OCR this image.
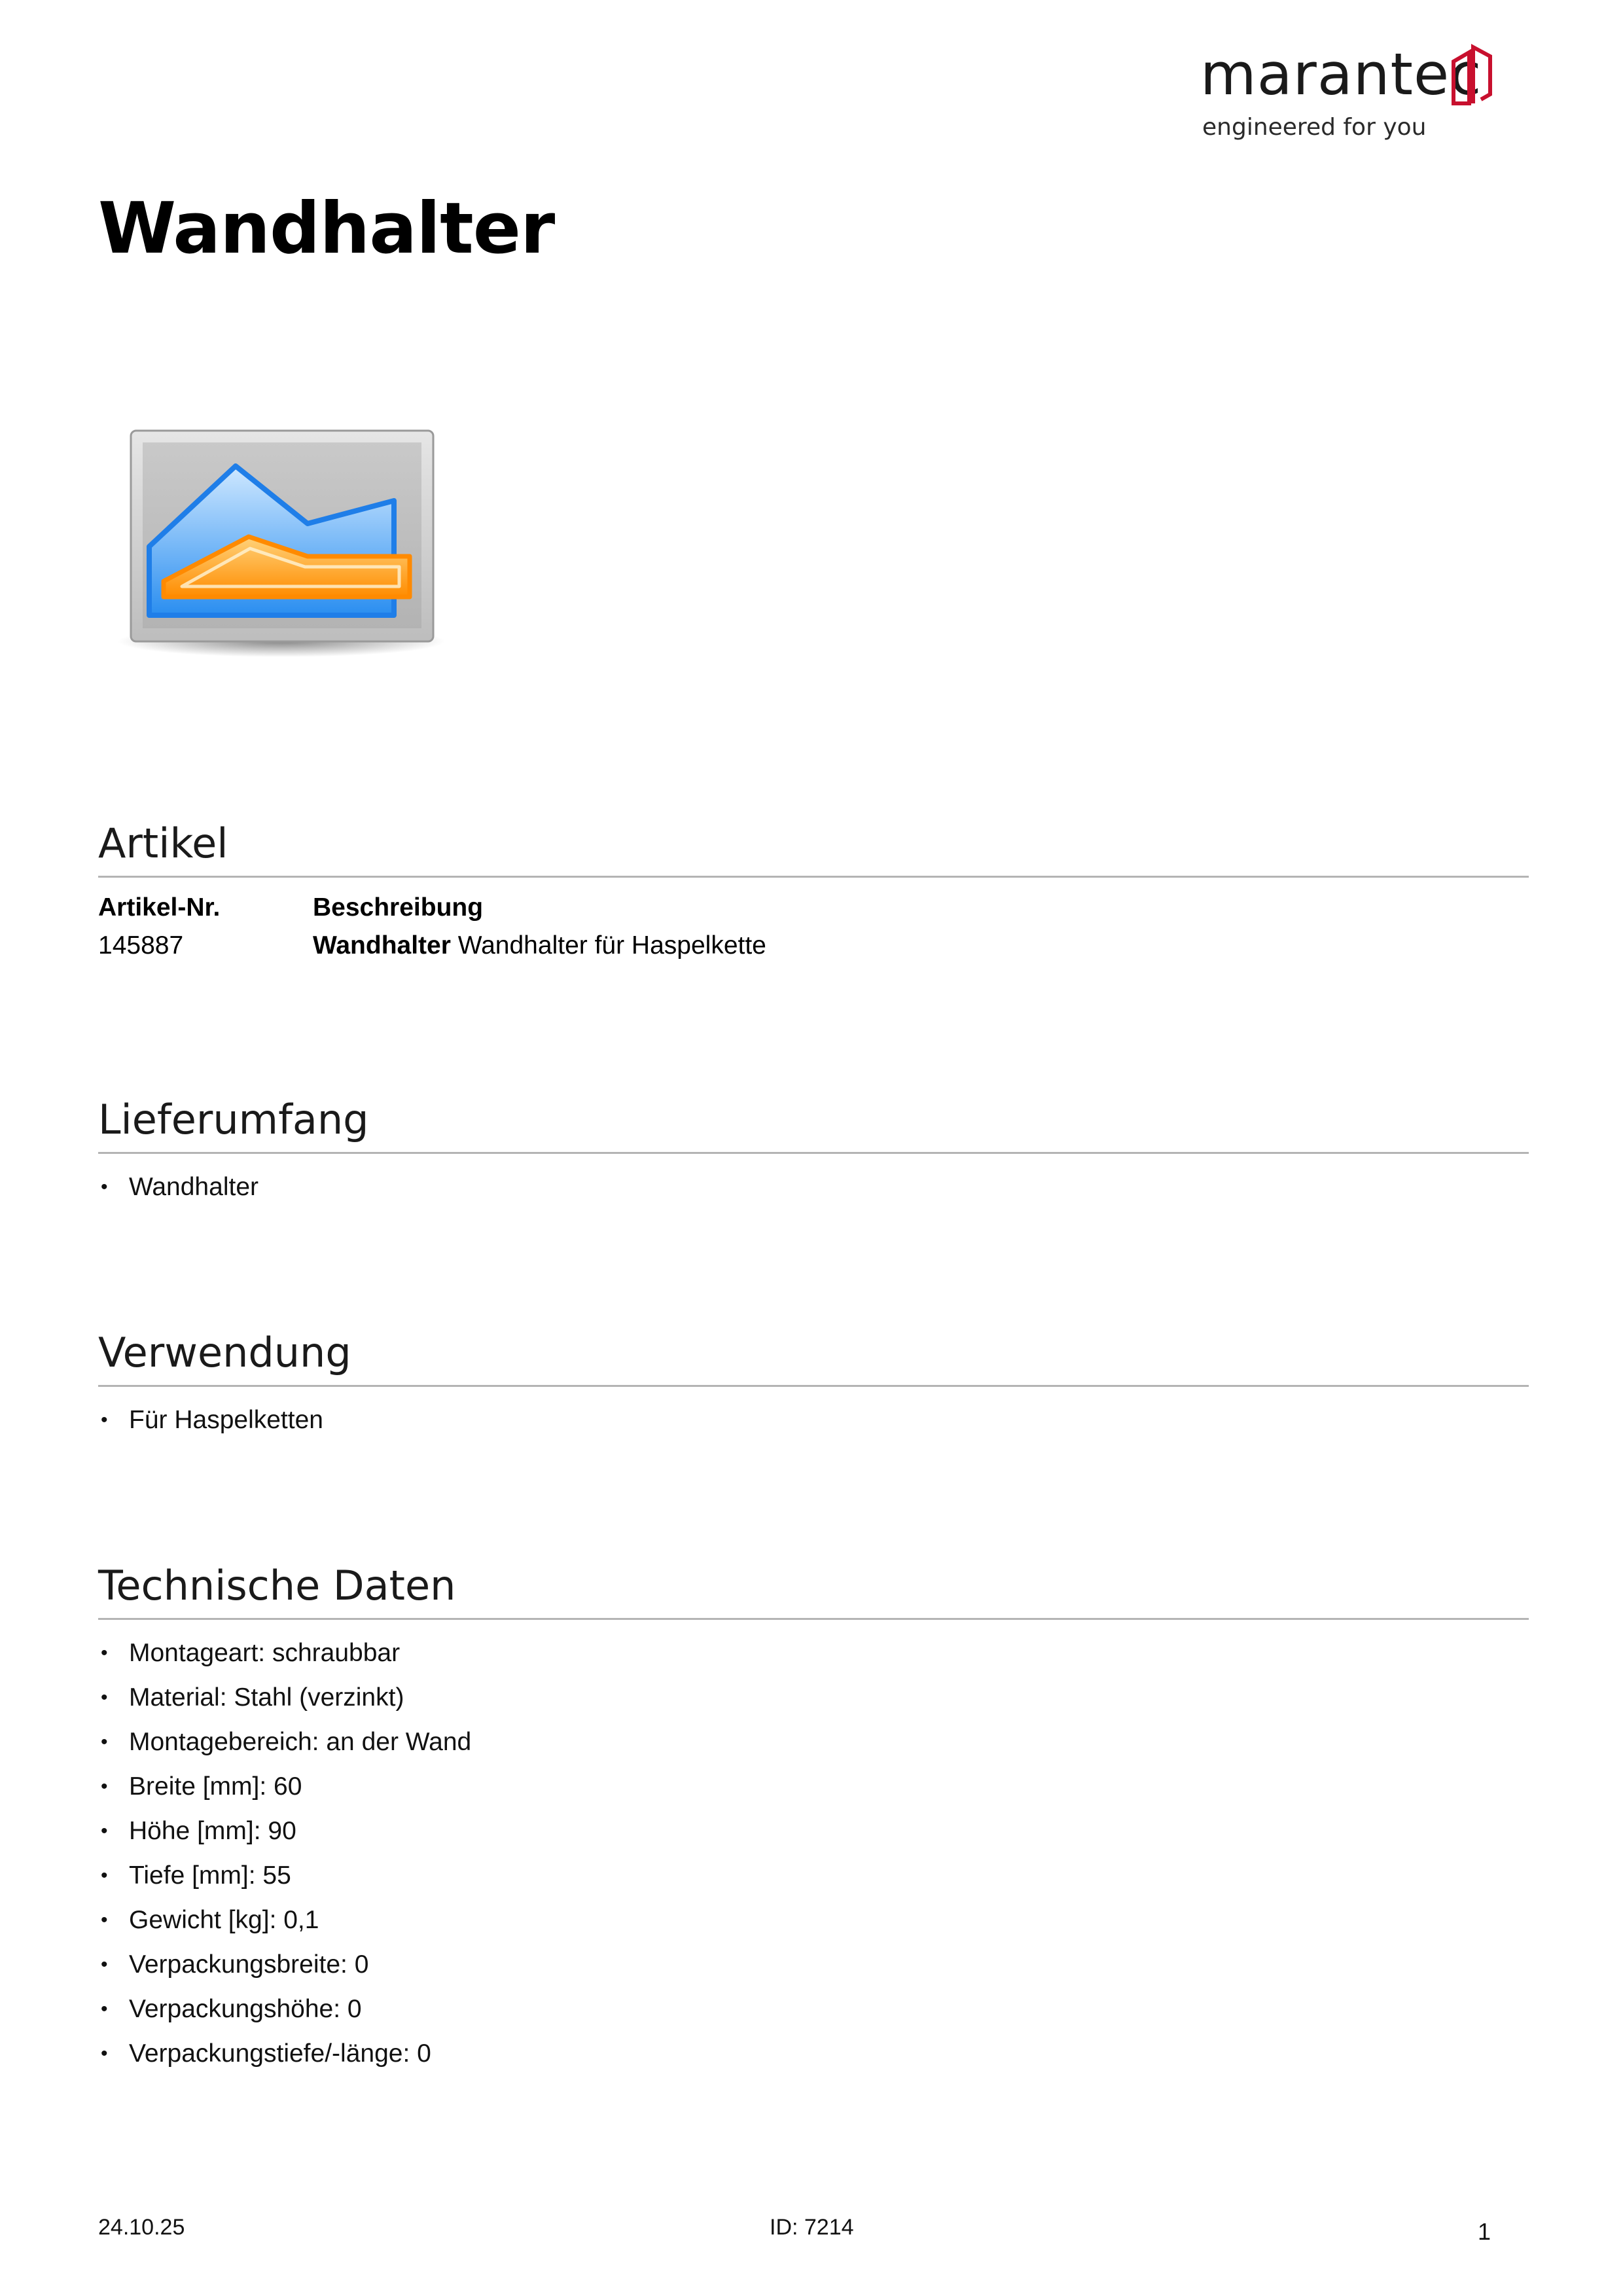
marantec
engineered for you
Wandhalter
Artikel
Artikel-Nr.	Beschreibung
145887	Wandhalter Wandhalter für Haspelkette
Lieferumfang
• Wandhalter
Verwendung
• Für Haspelketten
Technische Daten
• Montageart: schraubbar
• Material: Stahl (verzinkt)
• Montagebereich: an der Wand
• Breite [mm]: 60
• Höhe [mm]: 90
• Tiefe [mm]: 55
• Gewicht [kg]: 0,1
• Verpackungsbreite: 0
• Verpackungshöhe: 0
• Verpackungstiefe/-länge: 0
24.10.25	ID: 7214	1
